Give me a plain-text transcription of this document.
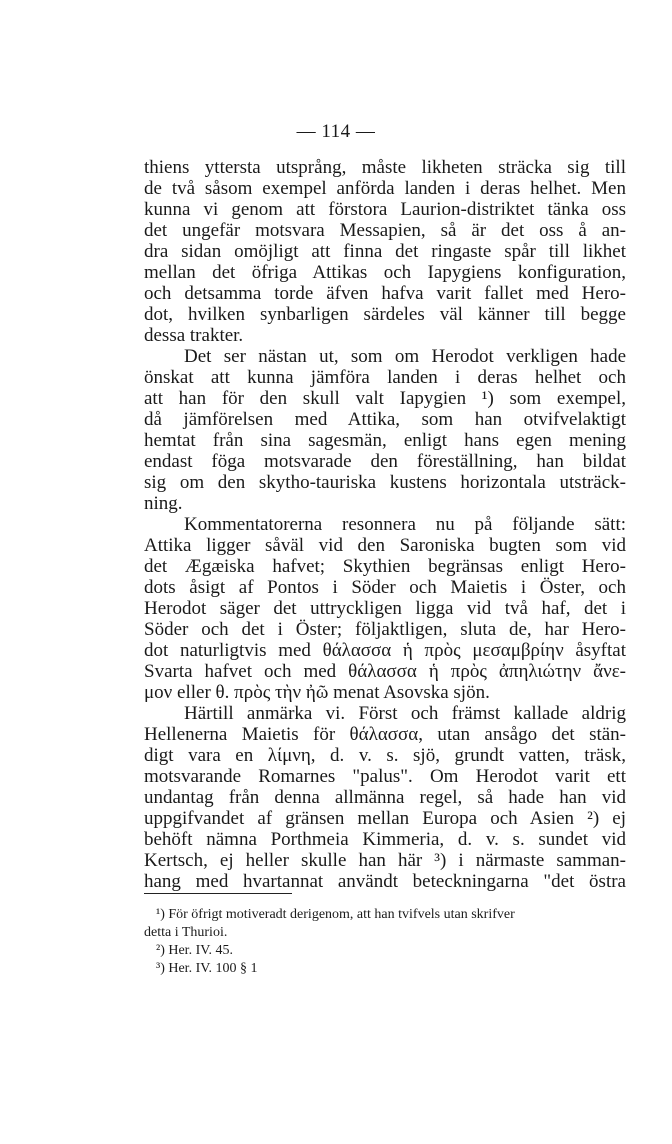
— 114 —
thiens yttersta utsprång, måste likheten sträcka sig till
de två såsom exempel anförda landen i deras helhet. Men
kunna vi genom att förstora Laurion-distriktet tänka oss
det ungefär motsvara Messapien, så är det oss å an-
dra sidan omöjligt att finna det ringaste spår till likhet
mellan det öfriga Attikas och Iapygiens konfiguration,
och detsamma torde äfven hafva varit fallet med Hero-
dot, hvilken synbarligen särdeles väl känner till begge
dessa trakter.
Det ser nästan ut, som om Herodot verkligen hade
önskat att kunna jämföra landen i deras helhet och
att han för den skull valt Iapygien ¹) som exempel,
då jämförelsen med Attika, som han otvifvelaktigt
hemtat från sina sagesmän, enligt hans egen mening
endast föga motsvarade den föreställning, han bildat
sig om den skytho-tauriska kustens horizontala utsträck-
ning.
Kommentatorerna resonnera nu på följande sätt:
Attika ligger såväl vid den Saroniska bugten som vid
det Ægæiska hafvet; Skythien begränsas enligt Hero-
dots åsigt af Pontos i Söder och Maietis i Öster, och
Herodot säger det uttryckligen ligga vid två haf, det i
Söder och det i Öster; följaktligen, sluta de, har Hero-
dot naturligtvis med θάλασσα ἡ πρὸς μεσαμβρίην åsyftat
Svarta hafvet och med θάλασσα ἡ πρὸς ἀπηλιώτην ἄνε-
μον eller θ. πρὸς τὴν ἠῶ menat Asovska sjön.
Härtill anmärka vi. Först och främst kallade aldrig
Hellenerna Maietis för θάλασσα, utan ansågo det stän-
digt vara en λίμνη, d. v. s. sjö, grundt vatten, träsk,
motsvarande Romarnes "palus". Om Herodot varit ett
undantag från denna allmänna regel, så hade han vid
uppgifvandet af gränsen mellan Europa och Asien ²) ej
behöft nämna Porthmeia Kimmeria, d. v. s. sundet vid
Kertsch, ej heller skulle han här ³) i närmaste samman-
hang med hvartannat användt beteckningarna "det östra
¹) För öfrigt motiveradt derigenom, att han tvifvels utan skrifver
detta i Thurioi.
²) Her. IV. 45.
³) Her. IV. 100 § 1
